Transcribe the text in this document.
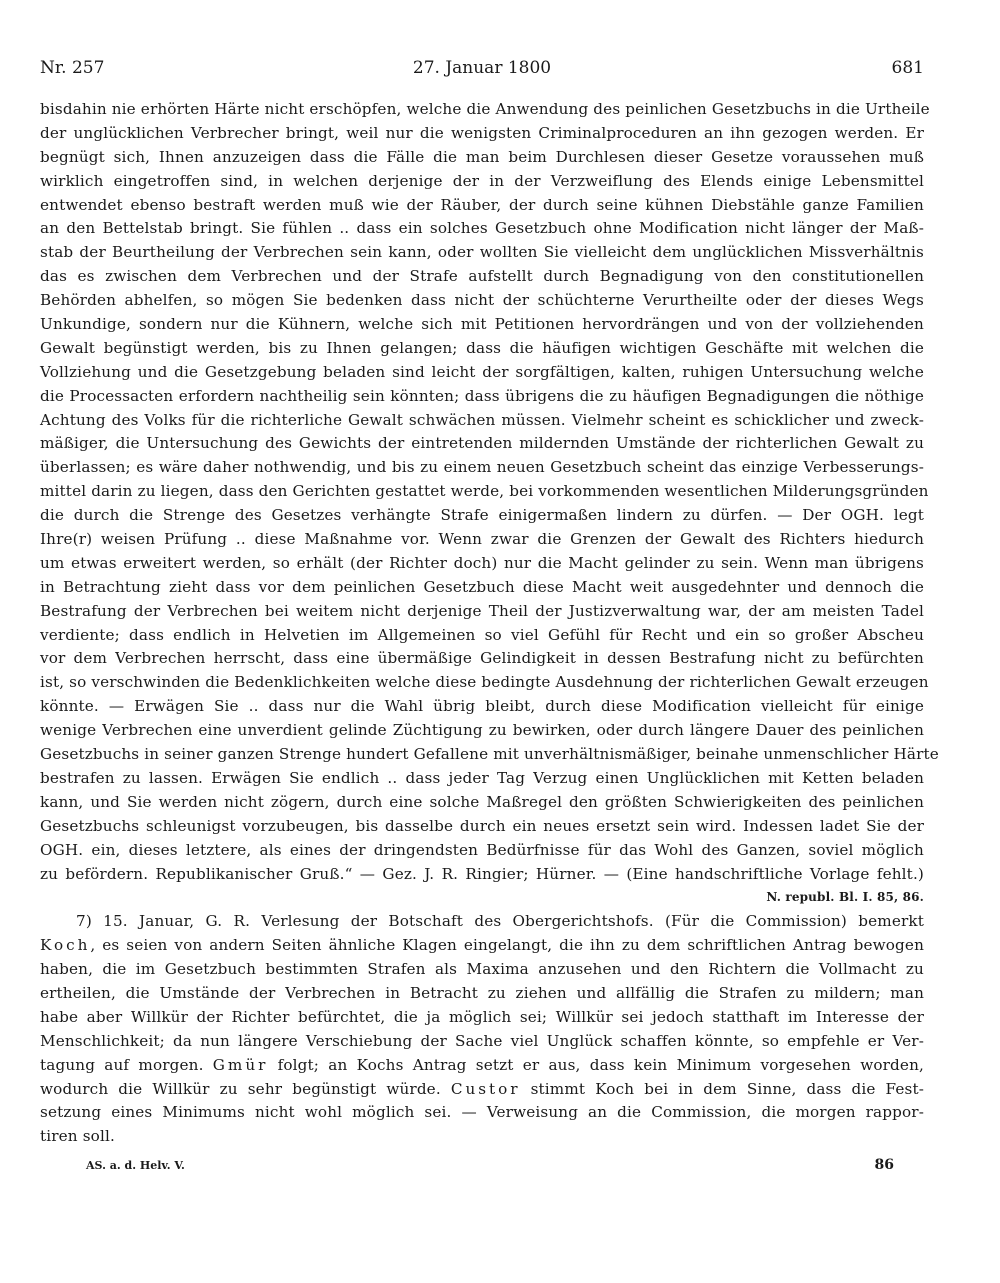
Nr. 257	27. Januar 1800	681
bisdahin nie erhörten Härte nicht erschöpfen, welche die Anwendung des peinlichen Gesetzbuchs in die Urtheile
der unglücklichen Verbrecher bringt, weil nur die wenigsten Criminalproceduren an ihn gezogen werden. Er
begnügt sich, Ihnen anzuzeigen dass die Fälle die man beim Durchlesen dieser Gesetze voraussehen muß
wirklich eingetroffen sind, in welchen derjenige der in der Verzweiflung des Elends einige Lebensmittel
entwendet ebenso bestraft werden muß wie der Räuber, der durch seine kühnen Diebstähle ganze Familien
an den Bettelstab bringt. Sie fühlen .. dass ein solches Gesetzbuch ohne Modification nicht länger der Maß-
stab der Beurtheilung der Verbrechen sein kann, oder wollten Sie vielleicht dem unglücklichen Missverhältnis
das es zwischen dem Verbrechen und der Strafe aufstellt durch Begnadigung von den constitutionellen
Behörden abhelfen, so mögen Sie bedenken dass nicht der schüchterne Verurtheilte oder der dieses Wegs
Unkundige, sondern nur die Kühnern, welche sich mit Petitionen hervordrängen und von der vollziehenden
Gewalt begünstigt werden, bis zu Ihnen gelangen; dass die häufigen wichtigen Geschäfte mit welchen die
Vollziehung und die Gesetzgebung beladen sind leicht der sorgfältigen, kalten, ruhigen Untersuchung welche
die Processacten erfordern nachtheilig sein könnten; dass übrigens die zu häufigen Begnadigungen die nöthige
Achtung des Volks für die richterliche Gewalt schwächen müssen. Vielmehr scheint es schicklicher und zweck-
mäßiger, die Untersuchung des Gewichts der eintretenden mildernden Umstände der richterlichen Gewalt zu
überlassen; es wäre daher nothwendig, und bis zu einem neuen Gesetzbuch scheint das einzige Verbesserungs-
mittel darin zu liegen, dass den Gerichten gestattet werde, bei vorkommenden wesentlichen Milderungsgründen
die durch die Strenge des Gesetzes verhängte Strafe einigermaßen lindern zu dürfen. — Der OGH. legt
Ihre(r) weisen Prüfung .. diese Maßnahme vor. Wenn zwar die Grenzen der Gewalt des Richters hiedurch
um etwas erweitert werden, so erhält (der Richter doch) nur die Macht gelinder zu sein. Wenn man übrigens
in Betrachtung zieht dass vor dem peinlichen Gesetzbuch diese Macht weit ausgedehnter und dennoch die
Bestrafung der Verbrechen bei weitem nicht derjenige Theil der Justizverwaltung war, der am meisten Tadel
verdiente; dass endlich in Helvetien im Allgemeinen so viel Gefühl für Recht und ein so großer Abscheu
vor dem Verbrechen herrscht, dass eine übermäßige Gelindigkeit in dessen Bestrafung nicht zu befürchten
ist, so verschwinden die Bedenklichkeiten welche diese bedingte Ausdehnung der richterlichen Gewalt erzeugen
könnte. — Erwägen Sie .. dass nur die Wahl übrig bleibt, durch diese Modification vielleicht für einige
wenige Verbrechen eine unverdient gelinde Züchtigung zu bewirken, oder durch längere Dauer des peinlichen
Gesetzbuchs in seiner ganzen Strenge hundert Gefallene mit unverhältnismäßiger, beinahe unmenschlicher Härte
bestrafen zu lassen. Erwägen Sie endlich .. dass jeder Tag Verzug einen Unglücklichen mit Ketten beladen
kann, und Sie werden nicht zögern, durch eine solche Maßregel den größten Schwierigkeiten des peinlichen
Gesetzbuchs schleunigst vorzubeugen, bis dasselbe durch ein neues ersetzt sein wird. Indessen ladet Sie der
OGH. ein, dieses letztere, als eines der dringendsten Bedürfnisse für das Wohl des Ganzen, soviel möglich
zu befördern. Republikanischer Gruß.“ — Gez. J. R. Ringier; Hürner. — (Eine handschriftliche Vorlage fehlt.)
N. republ. Bl. I. 85, 86.
7) 15. Januar, G. R. Verlesung der Botschaft des Obergerichtshofs. (Für die Commission) bemerkt
Koch, es seien von andern Seiten ähnliche Klagen eingelangt, die ihn zu dem schriftlichen Antrag bewogen
haben, die im Gesetzbuch bestimmten Strafen als Maxima anzusehen und den Richtern die Vollmacht zu
ertheilen, die Umstände der Verbrechen in Betracht zu ziehen und allfällig die Strafen zu mildern; man
habe aber Willkür der Richter befürchtet, die ja möglich sei; Willkür sei jedoch statthaft im Interesse der
Menschlichkeit; da nun längere Verschiebung der Sache viel Unglück schaffen könnte, so empfehle er Ver-
tagung auf morgen. Gmür folgt; an Kochs Antrag setzt er aus, dass kein Minimum vorgesehen worden,
wodurch die Willkür zu sehr begünstigt würde. Custor stimmt Koch bei in dem Sinne, dass die Fest-
setzung eines Minimums nicht wohl möglich sei. — Verweisung an die Commission, die morgen rappor-
tiren soll.
AS. a. d. Helv. V.	86
